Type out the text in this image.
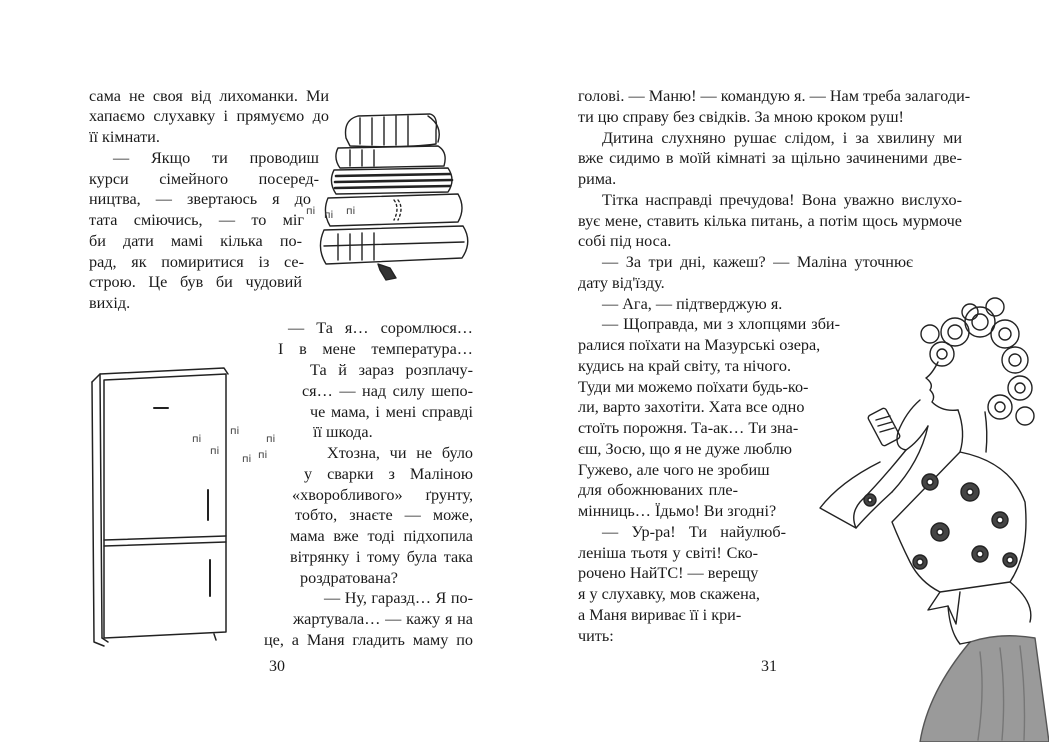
сама не своя від лихоманки. Ми
хапаємо слухавку і прямуємо до
її кімнати.
— Якщо ти проводиш
курси сімейного посеред-
ництва, — звертаюсь я до
тата сміючись, — то міг
би дати мамі кілька по-
рад, як помиритися із се-
строю. Це був би чудовий
вихід.
— Та я… соромлюся…
І в мене температура…
Та й зараз розплачу-
ся… — над силу шепо-
че мама, і мені справді
її шкода.
Хтозна, чи не було
у сварки з Маліною
«хворобливого» ґрунту,
тобто, знаєте — може,
мама вже тоді підхопила
вітрянку і тому була така
роздратована?
— Ну, гаразд… Я по-
жартувала… — кажу я на
це, а Маня гладить маму по
пі пі пі
пі
пі
пі
пі
пі пі
30
голові. — Маню! — командую я. — Нам треба залагоди-
ти цю справу без свідків. За мною кроком руш!
Дитина слухняно рушає слідом, і за хвилину ми
вже сидимо в моїй кімнаті за щільно зачиненими две-
рима.
Тітка насправді пречудова! Вона уважно вислухо-
вує мене, ставить кілька питань, а потім щось мурмоче
собі під носа.
— За три дні, кажеш? — Маліна уточнює
дату від'їзду.
— Ага, — підтверджую я.
— Щоправда, ми з хлопцями зби-
ралися поїхати на Мазурські озера,
кудись на край світу, та нічого.
Туди ми можемо поїхати будь-ко-
ли, варто захотіти. Хата все одно
стоїть порожня. Та-ак… Ти зна-
єш, Зосю, що я не дуже люблю
Гужево, але чого не зробиш
для обожнюваних пле-
мінниць… Їдьмо! Ви згодні?
— Ур-ра! Ти найулюб-
леніша тьотя у світі! Ско-
рочено НайТС! — верещу
я у слухавку, мов скажена,
а Маня вириває її і кри-
чить:
31
